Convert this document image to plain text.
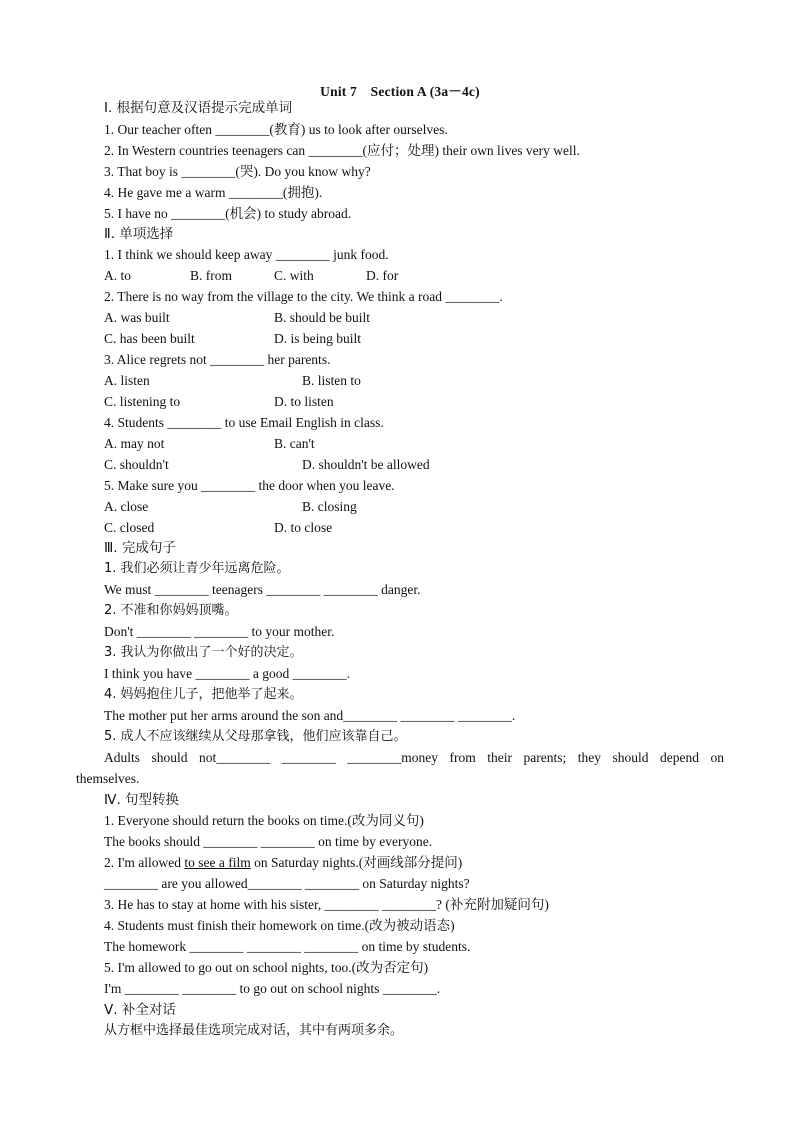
Unit 7　Section A (3a－4c)
Ⅰ. 根据句意及汉语提示完成单词
1. Our teacher often ________(教育) us to look after ourselves.
2. In Western countries teenagers can ________(应付；处理) their own lives very well.
3. That boy is ________(哭). Do you know why?
4. He gave me a warm ________(拥抱).
5. I have no ________(机会) to study abroad.
Ⅱ. 单项选择
1. I think we should keep away ________ junk food.
A. to	B. from	C. with	D. for
2. There is no way from the village to the city. We think a road ________.
A. was built	B. should be built
C. has been built	D. is being built
3. Alice regrets not ________ her parents.
A. listen	B. listen to
C. listening to	D. to listen
4. Students ________ to use Email English in class.
A. may not	B. can't
C. shouldn't	D. shouldn't be allowed
5. Make sure you ________ the door when you leave.
A. close	B. closing
C. closed	D. to close
Ⅲ. 完成句子
1. 我们必须让青少年远离危险。
We must ________ teenagers ________ ________ danger.
2. 不准和你妈妈顶嘴。
Don't ________ ________ to your mother.
3. 我认为你做出了一个好的决定。
I think you have ________ a good ________.
4. 妈妈抱住儿子，把他举了起来。
The mother put her arms around the son and________ ________ ________.
5. 成人不应该继续从父母那拿钱，他们应该靠自己。
Adults should not________ ________ ________money from their parents; they should depend on
themselves.
Ⅳ. 句型转换
1. Everyone should return the books on time.(改为同义句)
The books should ________ ________ on time by everyone.
2. I'm allowed to see a film on Saturday nights.(对画线部分提问)
________ are you allowed________ ________ on Saturday nights?
3. He has to stay at home with his sister, ________ ________? (补充附加疑问句)
4. Students must finish their homework on time.(改为被动语态)
The homework ________ ________ ________ on time by students.
5. I'm allowed to go out on school nights, too.(改为否定句)
I'm ________ ________ to go out on school nights ________.
Ⅴ. 补全对话
从方框中选择最佳选项完成对话，其中有两项多余。
